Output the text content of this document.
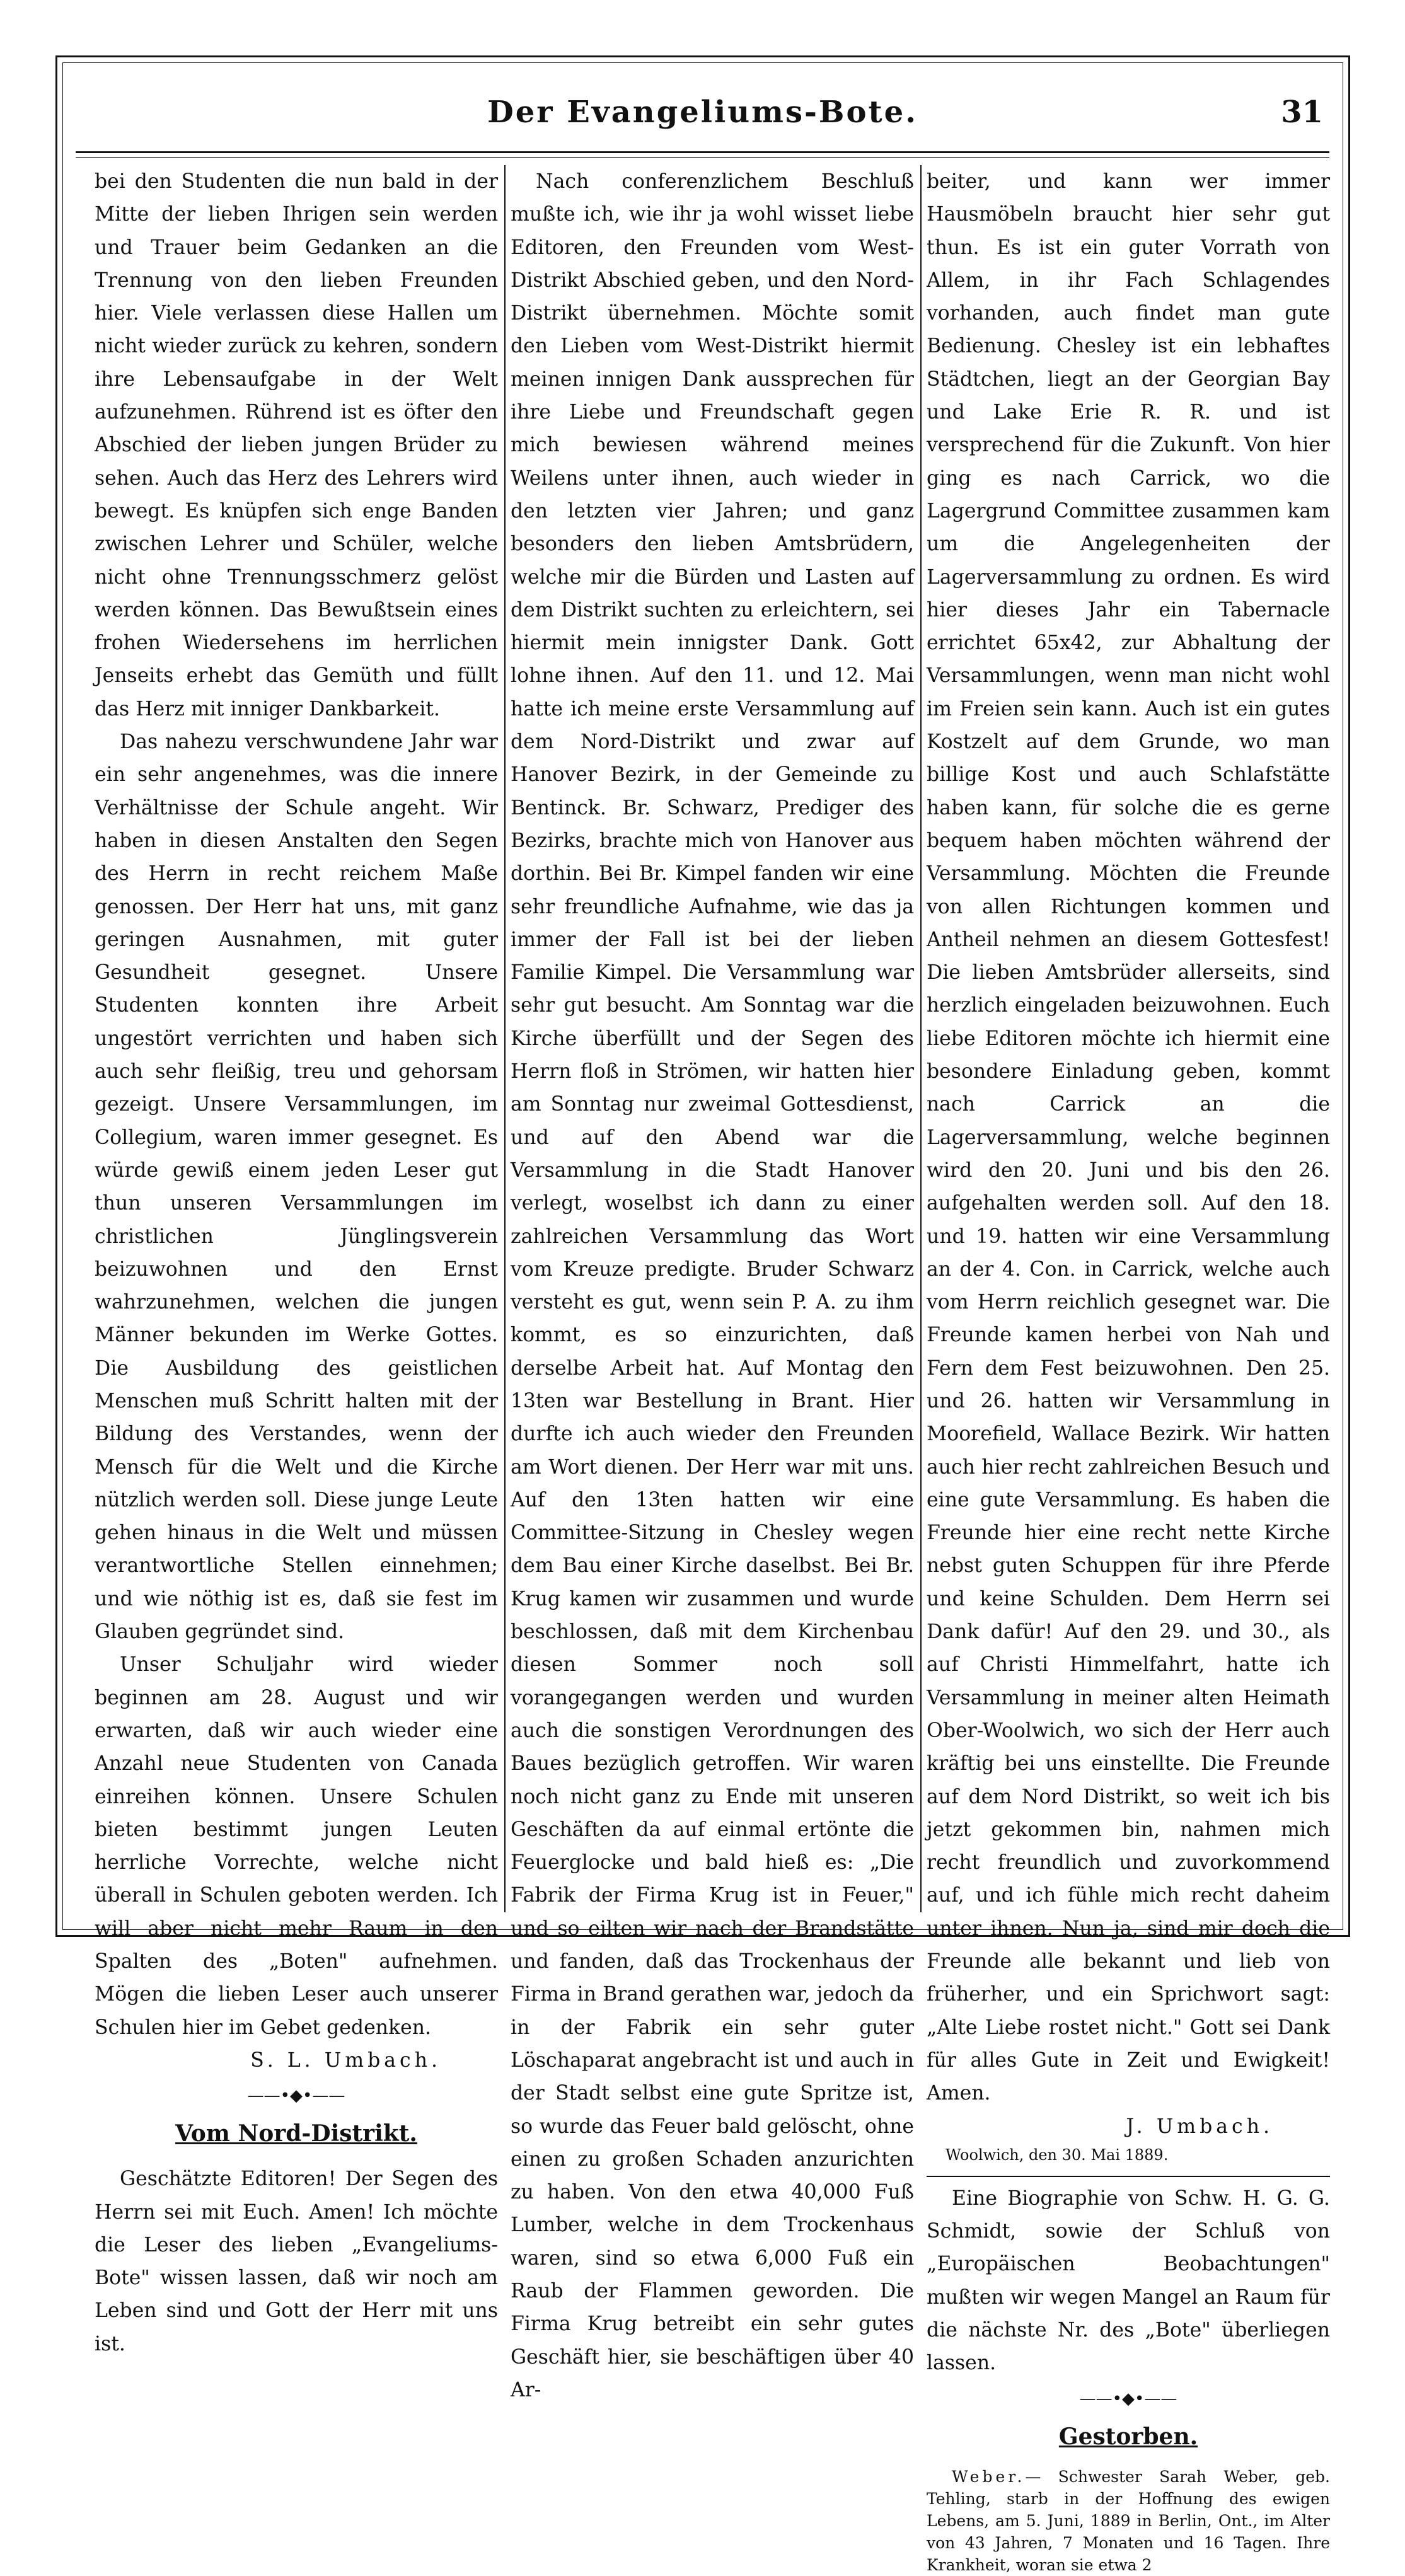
Der Evangeliums-Bote.	31

bei den Studenten die nun bald in der Mitte der lieben Ihrigen sein werden und Trauer beim Gedanken an die Trennung von den lieben Freunden hier. Viele verlassen diese Hallen um nicht wieder zurück zu kehren, sondern ihre Lebensaufgabe in der Welt aufzunehmen. Rührend ist es öfter den Abschied der lieben jungen Brüder zu sehen. Auch das Herz des Lehrers wird bewegt. Es knüpfen sich enge Banden zwischen Lehrer und Schüler, welche nicht ohne Trennungsschmerz gelöst werden können. Das Bewußtsein eines frohen Wiedersehens im herrlichen Jenseits erhebt das Gemüth und füllt das Herz mit inniger Dankbarkeit.

Das nahezu verschwundene Jahr war ein sehr angenehmes, was die innere Verhältnisse der Schule angeht. Wir haben in diesen Anstalten den Segen des Herrn in recht reichem Maße genossen. Der Herr hat uns, mit ganz geringen Ausnahmen, mit guter Gesundheit gesegnet. Unsere Studenten konnten ihre Arbeit ungestört verrichten und haben sich auch sehr fleißig, treu und gehorsam gezeigt. Unsere Versammlungen, im Collegium, waren immer gesegnet. Es würde gewiß einem jeden Leser gut thun unseren Versammlungen im christlichen Jünglingsverein beizuwohnen und den Ernst wahrzunehmen, welchen die jungen Männer bekunden im Werke Gottes. Die Ausbildung des geistlichen Menschen muß Schritt halten mit der Bildung des Verstandes, wenn der Mensch für die Welt und die Kirche nützlich werden soll. Diese junge Leute gehen hinaus in die Welt und müssen verantwortliche Stellen einnehmen; und wie nöthig ist es, daß sie fest im Glauben gegründet sind.

Unser Schuljahr wird wieder beginnen am 28. August und wir erwarten, daß wir auch wieder eine Anzahl neue Studenten von Canada einreihen können. Unsere Schulen bieten bestimmt jungen Leuten herrliche Vorrechte, welche nicht überall in Schulen geboten werden. Ich will aber nicht mehr Raum in den Spalten des „Boten" aufnehmen. Mögen die lieben Leser auch unserer Schulen hier im Gebet gedenken.

S. L. Umbach.

——•◆•——
Vom Nord-Distrikt.

Geschätzte Editoren! Der Segen des Herrn sei mit Euch. Amen! Ich möchte die Leser des lieben „Evangeliums-Bote" wissen lassen, daß wir noch am Leben sind und Gott der Herr mit uns ist.

Nach conferenzlichem Beschluß mußte ich, wie ihr ja wohl wisset liebe Editoren, den Freunden vom West-Distrikt Abschied geben, und den Nord-Distrikt übernehmen. Möchte somit den Lieben vom West-Distrikt hiermit meinen innigen Dank aussprechen für ihre Liebe und Freundschaft gegen mich bewiesen während meines Weilens unter ihnen, auch wieder in den letzten vier Jahren; und ganz besonders den lieben Amtsbrüdern, welche mir die Bürden und Lasten auf dem Distrikt suchten zu erleichtern, sei hiermit mein innigster Dank. Gott lohne ihnen. Auf den 11. und 12. Mai hatte ich meine erste Versammlung auf dem Nord-Distrikt und zwar auf Hanover Bezirk, in der Gemeinde zu Bentinck. Br. Schwarz, Prediger des Bezirks, brachte mich von Hanover aus dorthin. Bei Br. Kimpel fanden wir eine sehr freundliche Aufnahme, wie das ja immer der Fall ist bei der lieben Familie Kimpel. Die Versammlung war sehr gut besucht. Am Sonntag war die Kirche überfüllt und der Segen des Herrn floß in Strömen, wir hatten hier am Sonntag nur zweimal Gottesdienst, und auf den Abend war die Versammlung in die Stadt Hanover verlegt, woselbst ich dann zu einer zahlreichen Versammlung das Wort vom Kreuze predigte. Bruder Schwarz versteht es gut, wenn sein P. A. zu ihm kommt, es so einzurichten, daß derselbe Arbeit hat. Auf Montag den 13ten war Bestellung in Brant. Hier durfte ich auch wieder den Freunden am Wort dienen. Der Herr war mit uns. Auf den 13ten hatten wir eine Committee-Sitzung in Chesley wegen dem Bau einer Kirche daselbst. Bei Br. Krug kamen wir zusammen und wurde beschlossen, daß mit dem Kirchenbau diesen Sommer noch soll vorangegangen werden und wurden auch die sonstigen Verordnungen des Baues bezüglich getroffen. Wir waren noch nicht ganz zu Ende mit unseren Geschäften da auf einmal ertönte die Feuerglocke und bald hieß es: „Die Fabrik der Firma Krug ist in Feuer," und so eilten wir nach der Brandstätte und fanden, daß das Trockenhaus der Firma in Brand gerathen war, jedoch da in der Fabrik ein sehr guter Löschaparat angebracht ist und auch in der Stadt selbst eine gute Spritze ist, so wurde das Feuer bald gelöscht, ohne einen zu großen Schaden anzurichten zu haben. Von den etwa 40,000 Fuß Lumber, welche in dem Trockenhaus waren, sind so etwa 6,000 Fuß ein Raub der Flammen geworden. Die Firma Krug betreibt ein sehr gutes Geschäft hier, sie beschäftigen über 40 Ar-

beiter, und kann wer immer Hausmöbeln braucht hier sehr gut thun. Es ist ein guter Vorrath von Allem, in ihr Fach Schlagendes vorhanden, auch findet man gute Bedienung. Chesley ist ein lebhaftes Städtchen, liegt an der Georgian Bay und Lake Erie R. R. und ist versprechend für die Zukunft. Von hier ging es nach Carrick, wo die Lagergrund Committee zusammen kam um die Angelegenheiten der Lagerversammlung zu ordnen. Es wird hier dieses Jahr ein Tabernacle errichtet 65x42, zur Abhaltung der Versammlungen, wenn man nicht wohl im Freien sein kann. Auch ist ein gutes Kostzelt auf dem Grunde, wo man billige Kost und auch Schlafstätte haben kann, für solche die es gerne bequem haben möchten während der Versammlung. Möchten die Freunde von allen Richtungen kommen und Antheil nehmen an diesem Gottesfest! Die lieben Amtsbrüder allerseits, sind herzlich eingeladen beizuwohnen. Euch liebe Editoren möchte ich hiermit eine besondere Einladung geben, kommt nach Carrick an die Lagerversammlung, welche beginnen wird den 20. Juni und bis den 26. aufgehalten werden soll. Auf den 18. und 19. hatten wir eine Versammlung an der 4. Con. in Carrick, welche auch vom Herrn reichlich gesegnet war. Die Freunde kamen herbei von Nah und Fern dem Fest beizuwohnen. Den 25. und 26. hatten wir Versammlung in Moorefield, Wallace Bezirk. Wir hatten auch hier recht zahlreichen Besuch und eine gute Versammlung. Es haben die Freunde hier eine recht nette Kirche nebst guten Schuppen für ihre Pferde und keine Schulden. Dem Herrn sei Dank dafür! Auf den 29. und 30., als auf Christi Himmelfahrt, hatte ich Versammlung in meiner alten Heimath Ober-Woolwich, wo sich der Herr auch kräftig bei uns einstellte. Die Freunde auf dem Nord Distrikt, so weit ich bis jetzt gekommen bin, nahmen mich recht freundlich und zuvorkommend auf, und ich fühle mich recht daheim unter ihnen. Nun ja, sind mir doch die Freunde alle bekannt und lieb von früherher, und ein Sprichwort sagt: „Alte Liebe rostet nicht." Gott sei Dank für alles Gute in Zeit und Ewigkeit! Amen.

J. Umbach.

Woolwich, den 30. Mai 1889.

Eine Biographie von Schw. H. G. G. Schmidt, sowie der Schluß von „Europäischen Beobachtungen" mußten wir wegen Mangel an Raum für die nächste Nr. des „Bote" überliegen lassen.

——•◆•——
Gestorben.

Weber.— Schwester Sarah Weber, geb. Tehling, starb in der Hoffnung des ewigen Lebens, am 5. Juni, 1889 in Berlin, Ont., im Alter von 43 Jahren, 7 Monaten und 16 Tagen. Ihre Krankheit, woran sie etwa 2
